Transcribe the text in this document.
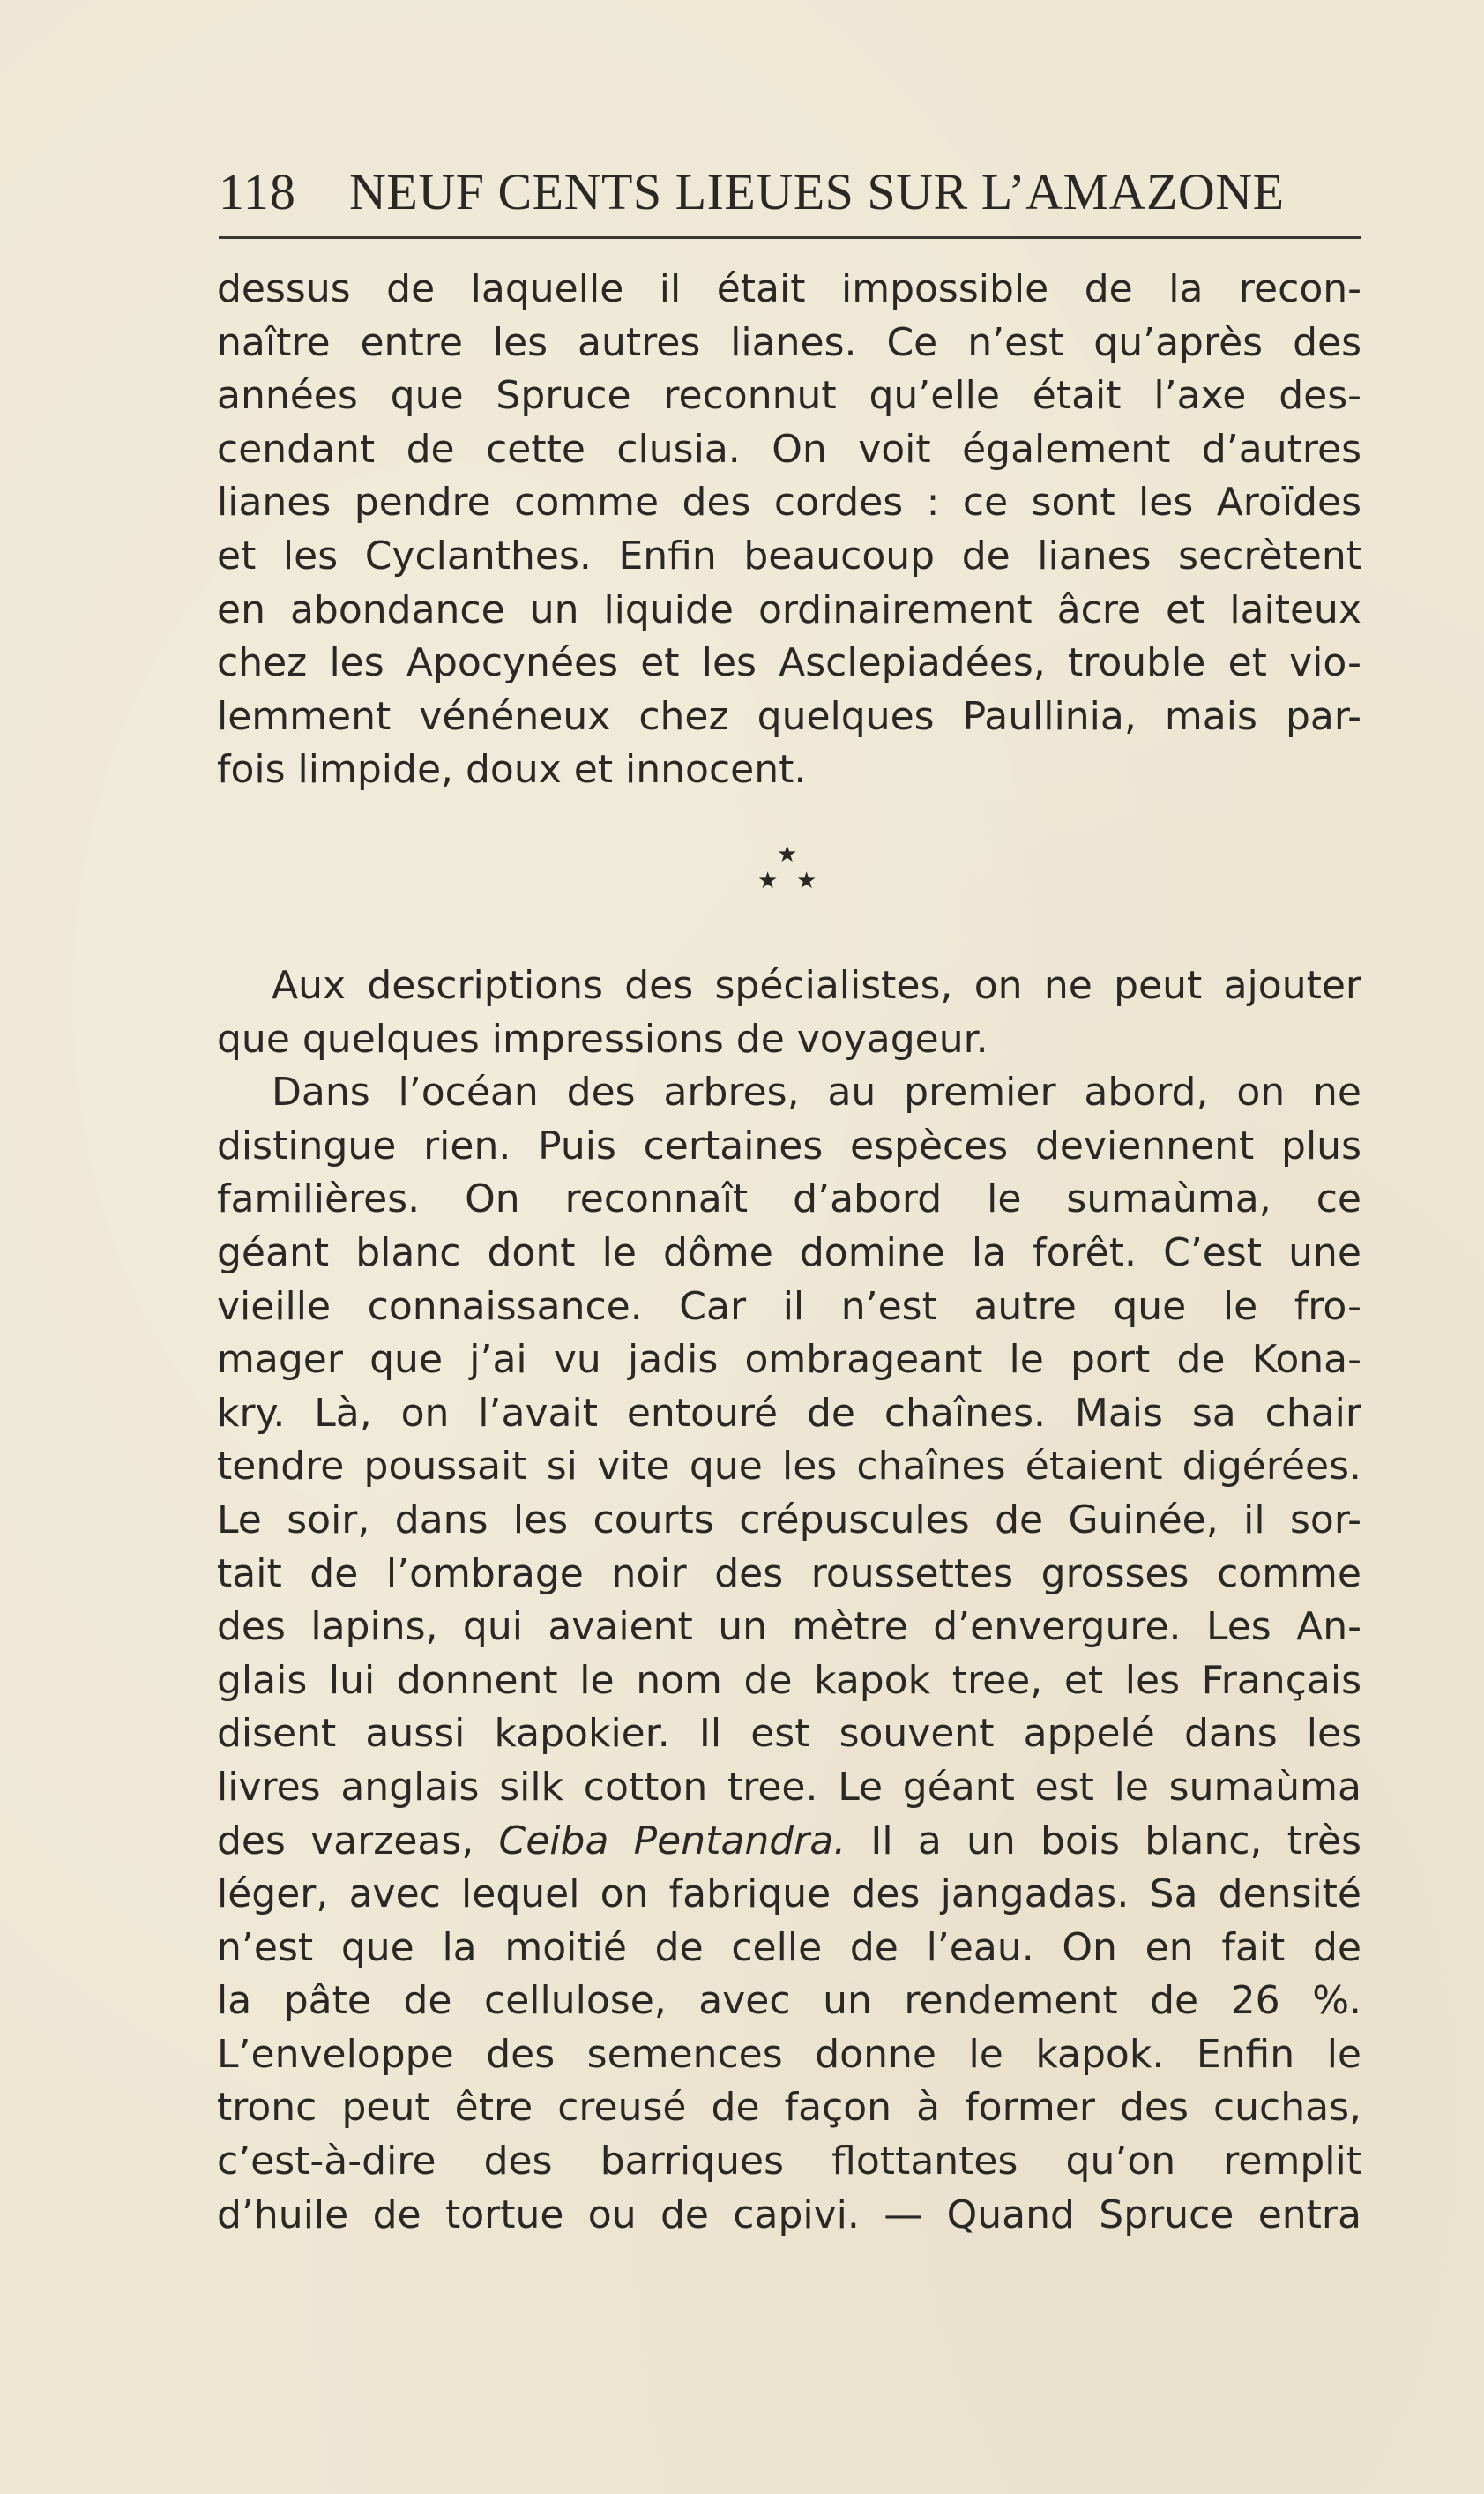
118 NEUF CENTS LIEUES SUR L’AMAZONE
dessus de laquelle il était impossible de la recon-
naître entre les autres lianes. Ce n’est qu’après des
années que Spruce reconnut qu’elle était l’axe des-
cendant de cette clusia. On voit également d’autres
lianes pendre comme des cordes : ce sont les Aroïdes
et les Cyclanthes. Enfin beaucoup de lianes secrètent
en abondance un liquide ordinairement âcre et laiteux
chez les Apocynées et les Asclepiadées, trouble et vio-
lemment vénéneux chez quelques Paullinia, mais par-
fois limpide, doux et innocent.
★
★ ★
Aux descriptions des spécialistes, on ne peut ajouter
que quelques impressions de voyageur.
Dans l’océan des arbres, au premier abord, on ne
distingue rien. Puis certaines espèces deviennent plus
familières. On reconnaît d’abord le sumaùma, ce
géant blanc dont le dôme domine la forêt. C’est une
vieille connaissance. Car il n’est autre que le fro-
mager que j’ai vu jadis ombrageant le port de Kona-
kry. Là, on l’avait entouré de chaînes. Mais sa chair
tendre poussait si vite que les chaînes étaient digérées.
Le soir, dans les courts crépuscules de Guinée, il sor-
tait de l’ombrage noir des roussettes grosses comme
des lapins, qui avaient un mètre d’envergure. Les An-
glais lui donnent le nom de kapok tree, et les Français
disent aussi kapokier. Il est souvent appelé dans les
livres anglais silk cotton tree. Le géant est le sumaùma
des varzeas, Ceiba Pentandra. Il a un bois blanc, très
léger, avec lequel on fabrique des jangadas. Sa densité
n’est que la moitié de celle de l’eau. On en fait de
la pâte de cellulose, avec un rendement de 26 %.
L’enveloppe des semences donne le kapok. Enfin le
tronc peut être creusé de façon à former des cuchas,
c’est-à-dire des barriques flottantes qu’on remplit
d’huile de tortue ou de capivi. — Quand Spruce entra
